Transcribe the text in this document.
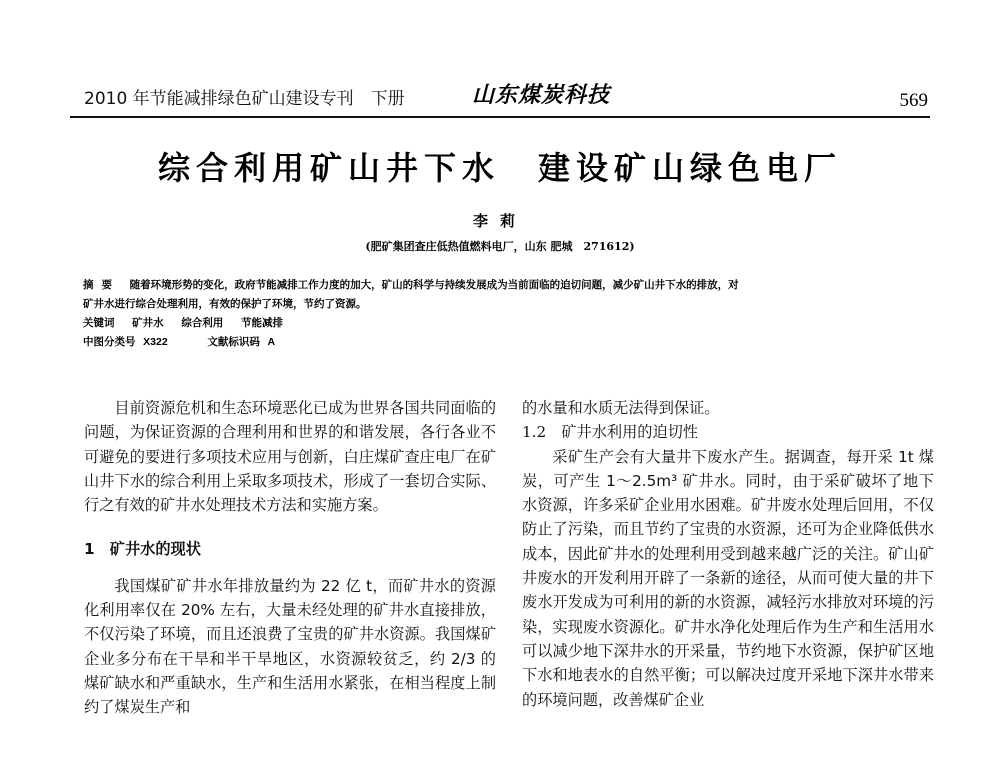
2010 年节能减排绿色矿山建设专刊　下册	山东煤炭科技	569
综合利用矿山井下水　建设矿山绿色电厂
李莉
(肥矿集团查庄低热值燃料电厂，山东 肥城　271612)
摘要 随着环境形势的变化，政府节能减排工作力度的加大，矿山的科学与持续发展成为当前面临的迫切问题，减少矿山井下水的排放，对
矿井水进行综合处理利用，有效的保护了环境，节约了资源。
关键词 矿井水 综合利用 节能减排
中图分类号 X322	文献标识码 A

目前资源危机和生态环境恶化已成为世界各国共同面临的问题，为保证资源的合理利用和世界的和谐发展，各行各业不可避免的要进行多项技术应用与创新，白庄煤矿查庄电厂在矿山井下水的综合利用上采取多项技术，形成了一套切合实际、行之有效的矿井水处理技术方法和实施方案。

1　矿井水的现状

我国煤矿矿井水年排放量约为 22 亿 t，而矿井水的资源化利用率仅在 20% 左右，大量未经处理的矿井水直接排放，不仅污染了环境，而且还浪费了宝贵的矿井水资源。我国煤矿企业多分布在干旱和半干旱地区，水资源较贫乏，约 2/3 的煤矿缺水和严重缺水，生产和生活用水紧张，在相当程度上制约了煤炭生产和

的水量和水质无法得到保证。

1.2　矿井水利用的迫切性

采矿生产会有大量井下废水产生。据调查，每开采 1t 煤炭，可产生 1～2.5m³ 矿井水。同时，由于采矿破坏了地下水资源，许多采矿企业用水困难。矿井废水处理后回用，不仅防止了污染，而且节约了宝贵的水资源，还可为企业降低供水成本，因此矿井水的处理利用受到越来越广泛的关注。矿山矿井废水的开发利用开辟了一条新的途径，从而可使大量的井下废水开发成为可利用的新的水资源，减轻污水排放对环境的污染，实现废水资源化。矿井水净化处理后作为生产和生活用水可以减少地下深井水的开采量，节约地下水资源，保护矿区地下水和地表水的自然平衡；可以解决过度开采地下深井水带来的环境问题，改善煤矿企业
